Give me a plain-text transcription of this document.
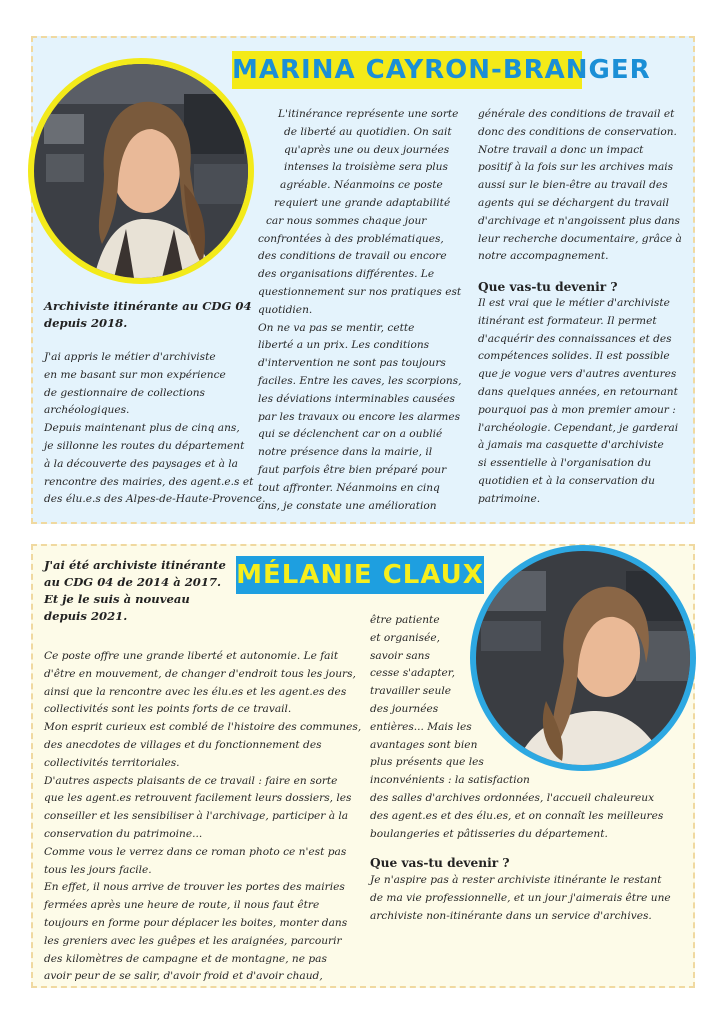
MARINA CAYRON-BRANGER
Archiviste itinérante au CDG 04
depuis 2018.
J'ai appris le métier d'archiviste
en me basant sur mon expérience
de gestionnaire de collections
archéologiques.
Depuis maintenant plus de cinq ans,
je sillonne les routes du département
à la découverte des paysages et à la
rencontre des mairies, des agent.e.s et
des élu.e.s des Alpes-de-Haute-Provence.
L'itinérance représente une sorte
de liberté au quotidien. On sait
qu'après une ou deux journées
intenses la troisième sera plus
agréable. Néanmoins ce poste
requiert une grande adaptabilité
car nous sommes chaque jour
confrontées à des problématiques,
des conditions de travail ou encore
des organisations différentes. Le
questionnement sur nos pratiques est
quotidien.
On ne va pas se mentir, cette
liberté a un prix. Les conditions
d'intervention ne sont pas toujours
faciles. Entre les caves, les scorpions,
les déviations interminables causées
par les travaux ou encore les alarmes
qui se déclenchent car on a oublié
notre présence dans la mairie, il
faut parfois être bien préparé pour
tout affronter. Néanmoins en cinq
ans, je constate une amélioration
générale des conditions de travail et
donc des conditions de conservation.
Notre travail a donc un impact
positif à la fois sur les archives mais
aussi sur le bien-être au travail des
agents qui se déchargent du travail
d'archivage et n'angoissent plus dans
leur recherche documentaire, grâce à
notre accompagnement.
Que vas-tu devenir ?
Il est vrai que le métier d'archiviste
itinérant est formateur. Il permet
d'acquérir des connaissances et des
compétences solides. Il est possible
que je vogue vers d'autres aventures
dans quelques années, en retournant
pourquoi pas à mon premier amour :
l'archéologie. Cependant, je garderai
à jamais ma casquette d'archiviste
si essentielle à l'organisation du
quotidien et à la conservation du
patrimoine.
J'ai été archiviste itinérante
au CDG 04 de 2014 à 2017.
Et je le suis à nouveau
depuis 2021.
MÉLANIE CLAUX
Ce poste offre une grande liberté et autonomie. Le fait
d'être en mouvement, de changer d'endroit tous les jours,
ainsi que la rencontre avec les élu.es et les agent.es des
collectivités sont les points forts de ce travail.
Mon esprit curieux est comblé de l'histoire des communes,
des anecdotes de villages et du fonctionnement des
collectivités territoriales.
D'autres aspects plaisants de ce travail : faire en sorte
que les agent.es retrouvent facilement leurs dossiers, les
conseiller et les sensibiliser à l'archivage, participer à la
conservation du patrimoine...
Comme vous le verrez dans ce roman photo ce n'est pas
tous les jours facile.
En effet, il nous arrive de trouver les portes des mairies
fermées après une heure de route, il nous faut être
toujours en forme pour déplacer les boites, monter dans
les greniers avec les guêpes et les araignées, parcourir
des kilomètres de campagne et de montagne, ne pas
avoir peur de se salir, d'avoir froid et d'avoir chaud,
être patiente
et organisée,
savoir sans
cesse s'adapter,
travailler seule
des journées
entières... Mais les
avantages sont bien
plus présents que les
inconvénients : la satisfaction
des salles d'archives ordonnées, l'accueil chaleureux
des agent.es et des élu.es, et on connaît les meilleures
boulangeries et pâtisseries du département.
Que vas-tu devenir ?
Je n'aspire pas à rester archiviste itinérante le restant
de ma vie professionnelle, et un jour j'aimerais être une
archiviste non-itinérante dans un service d'archives.
